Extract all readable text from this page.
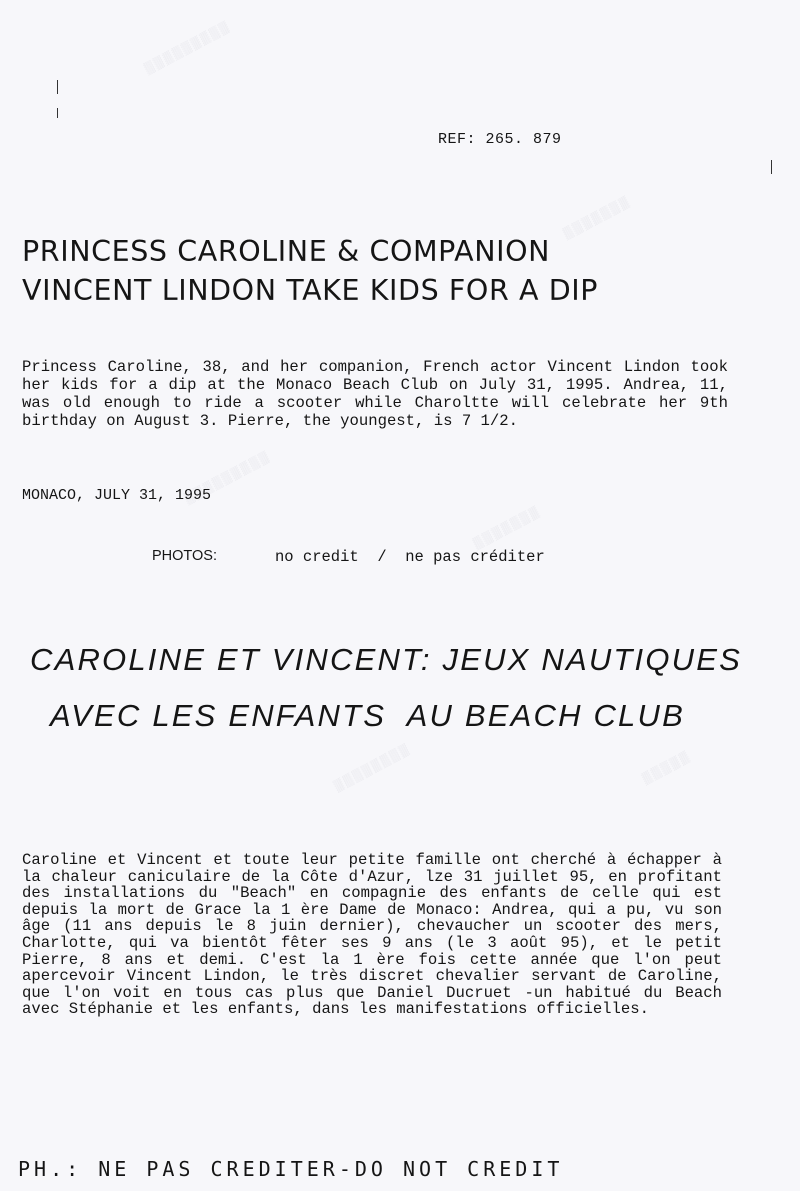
▒▒▒▒▒▒▒▒▒
▒▒▒▒▒▒▒
▒▒▒▒▒▒▒▒▒
▒▒▒▒▒▒▒
▒▒▒▒▒▒▒▒	▒▒▒▒▒
REF: 265. 879
PRINCESS CAROLINE & COMPANION
VINCENT LINDON TAKE KIDS FOR A DIP
Princess Caroline, 38, and her companion, French actor Vincent Lindon took her kids for a dip at the Monaco Beach Club on July 31, 1995. Andrea, 11, was old enough to ride a scooter while Charoltte will celebrate her 9th birthday on August 3. Pierre, the youngest, is 7 1/2.
MONACO, JULY 31, 1995
PHOTOS:	no credit  /  ne pas créditer
CAROLINE ET VINCENT: JEUX NAUTIQUES
AVEC LES ENFANTS  AU BEACH CLUB
Caroline et Vincent et toute leur petite famille ont cherché à échapper à la chaleur caniculaire de la Côte d'Azur, lze 31 juillet 95, en profitant des installations du "Beach" en compagnie des enfants de celle qui est depuis la mort de Grace la 1 ère Dame de Monaco: Andrea, qui a pu, vu son âge (11 ans depuis le 8 juin dernier), chevaucher un scooter des mers, Charlotte, qui va bientôt fêter ses 9 ans (le 3 août 95), et le petit Pierre, 8 ans et demi. C'est la 1 ère fois cette année que l'on peut apercevoir Vincent Lindon, le très discret chevalier servant de Caroline, que l'on voit en tous cas plus que Daniel Ducruet -un habitué du Beach avec Stéphanie et les enfants, dans les manifestations officielles.
PH.: NE PAS CREDITER-DO NOT CREDIT
